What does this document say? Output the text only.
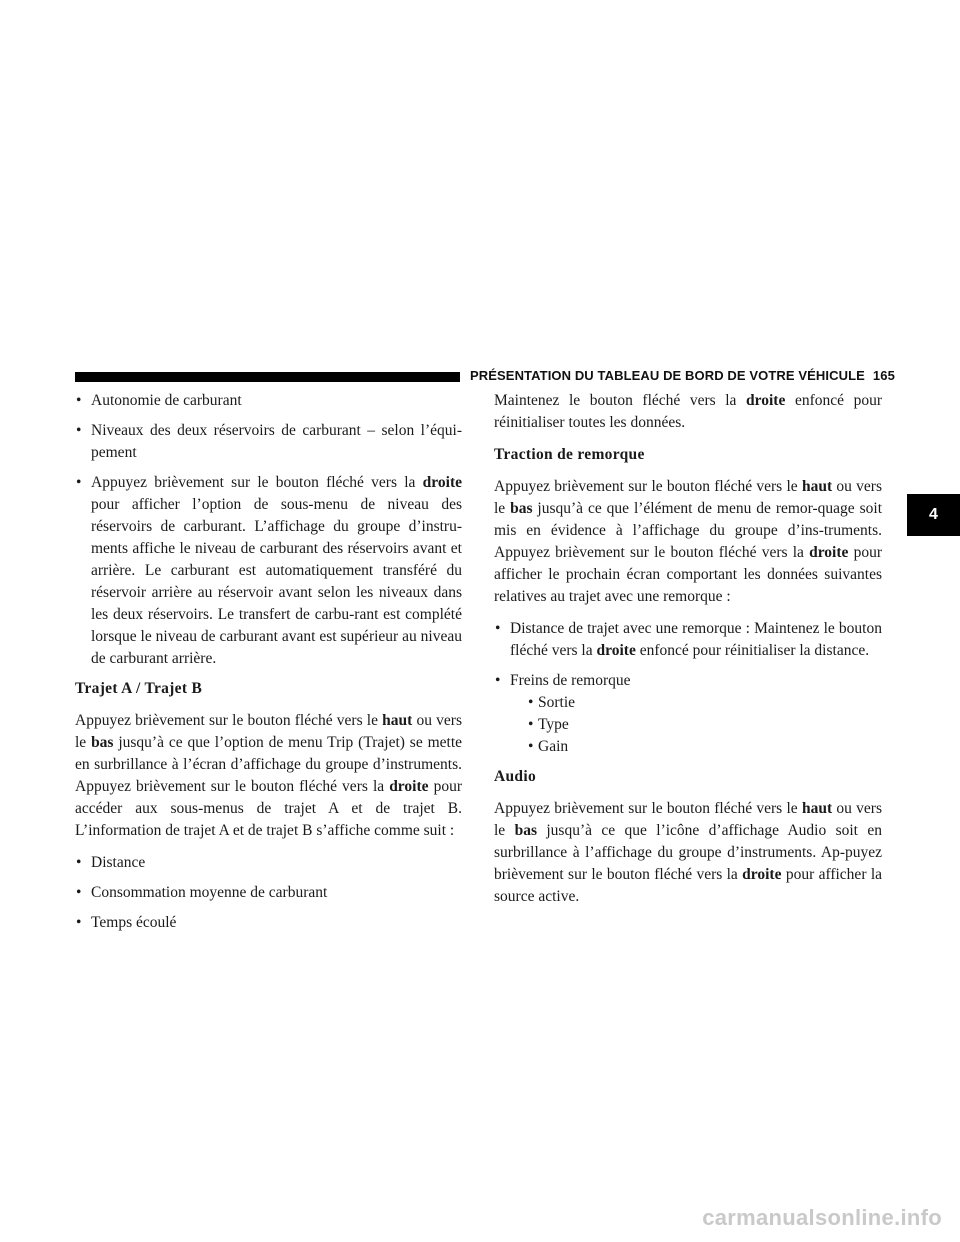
PRÉSENTATION DU TABLEAU DE BORD DE VOTRE VÉHICULE 165
4
• Autonomie de carburant
• Niveaux des deux réservoirs de carburant – selon l’équi-pement
• Appuyez brièvement sur le bouton fléché vers la droite pour afficher l’option de sous-menu de niveau des réservoirs de carburant. L’affichage du groupe d’instru-ments affiche le niveau de carburant des réservoirs avant et arrière. Le carburant est automatiquement transféré du réservoir arrière au réservoir avant selon les niveaux dans les deux réservoirs. Le transfert de carbu-rant est complété lorsque le niveau de carburant avant est supérieur au niveau de carburant arrière.
Trajet A / Trajet B

Appuyez brièvement sur le bouton fléché vers le haut ou vers le bas jusqu’à ce que l’option de menu Trip (Trajet) se mette en surbrillance à l’écran d’affichage du groupe d’instruments. Appuyez brièvement sur le bouton fléché vers la droite pour accéder aux sous-menus de trajet A et de trajet B. L’information de trajet A et de trajet B s’affiche comme suit :

• Distance
• Consommation moyenne de carburant
• Temps écoulé

Maintenez le bouton fléché vers la droite enfoncé pour réinitialiser toutes les données.

Traction de remorque

Appuyez brièvement sur le bouton fléché vers le haut ou vers le bas jusqu’à ce que l’élément de menu de remor-quage soit mis en évidence à l’affichage du groupe d’ins-truments. Appuyez brièvement sur le bouton fléché vers la droite pour afficher le prochain écran comportant les données suivantes relatives au trajet avec une remorque :

• Distance de trajet avec une remorque : Maintenez le bouton fléché vers la droite enfoncé pour réinitialiser la distance.
• Freins de remorque
• Sortie
• Type
• Gain
Audio

Appuyez brièvement sur le bouton fléché vers le haut ou vers le bas jusqu’à ce que l’icône d’affichage Audio soit en surbrillance à l’affichage du groupe d’instruments. Ap-puyez brièvement sur le bouton fléché vers la droite pour afficher la source active.

carmanualsonline.info
